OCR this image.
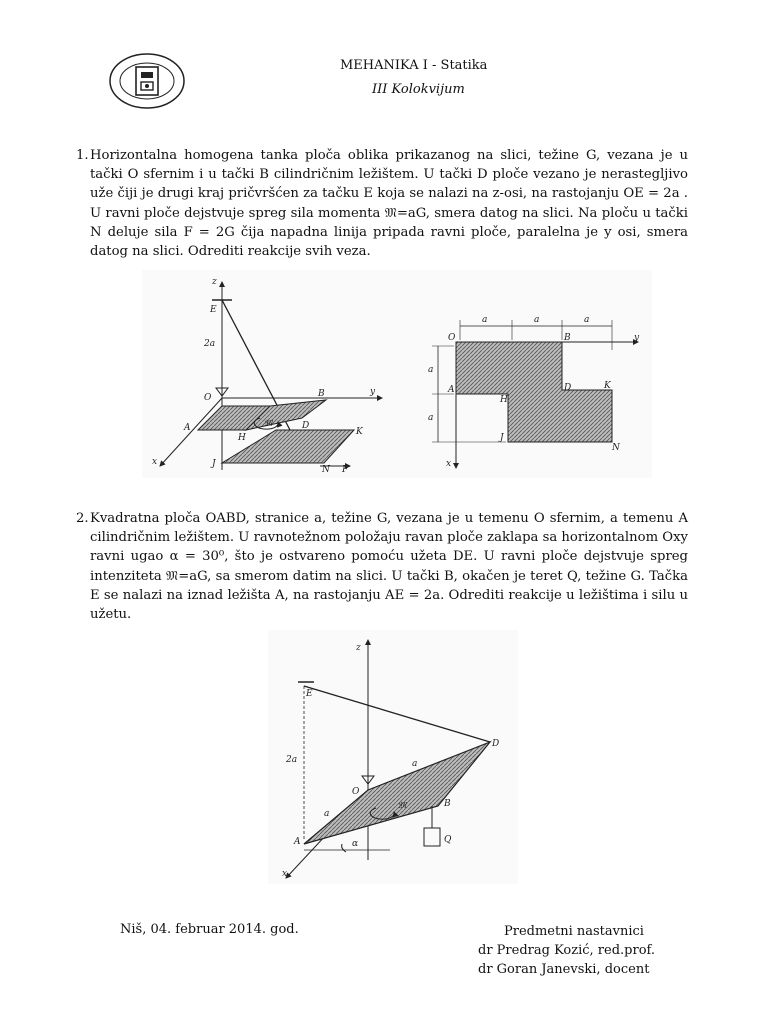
MEHANIKA I - Statika
III Kolokvijum
1. Horizontalna homogena tanka ploča oblika prikazanog na slici, težine G, vezana je u tački O sfernim i u tački B cilindričnim ležištem. U tački D ploče vezano je nerastegljivo uže čiji je drugi kraj pričvršćen za tačku E koja se nalazi na z-osi, na rastojanju OE = 2a . U ravni ploče dejstvuje spreg sila momenta 𝔐=aG, smera datog na slici. Na ploču u tački N deluje sila F = 2G čija napadna linija pripada ravni ploče, paralelna je y osi, smera datog na slici. Odrediti reakcije svih veza.
z
E
2a
O	B	y
A
H
𝔐	D
K
x	J
N F
a	a	a
a
a
O	B	y
A	D	K
H
J
N
x
2. Kvadratna ploča OABD, stranice a, težine G, vezana je u temenu O sfernim, a temenu A cilindričnim ležištem. U ravnotežnom položaju ravan ploče zaklapa sa horizontalnom Oxy ravni ugao α = 30⁰, što je ostvareno pomoću užeta DE. U ravni ploče dejstvuje spreg intenziteta 𝔐=aG, sa smerom datim na slici. U tački B, okačen je teret Q, težine G. Tačka E se nalazi na iznad ležišta A, na rastojanju AE = 2a. Odrediti reakcije u ležištima i silu u užetu.
z
E
2a
D
a
O
𝔐	B
a
Q
A	α
x
Niš, 04. februar 2014. god.	Predmetni nastavnici
dr Predrag Kozić, red.prof.
dr Goran Janevski, docent
